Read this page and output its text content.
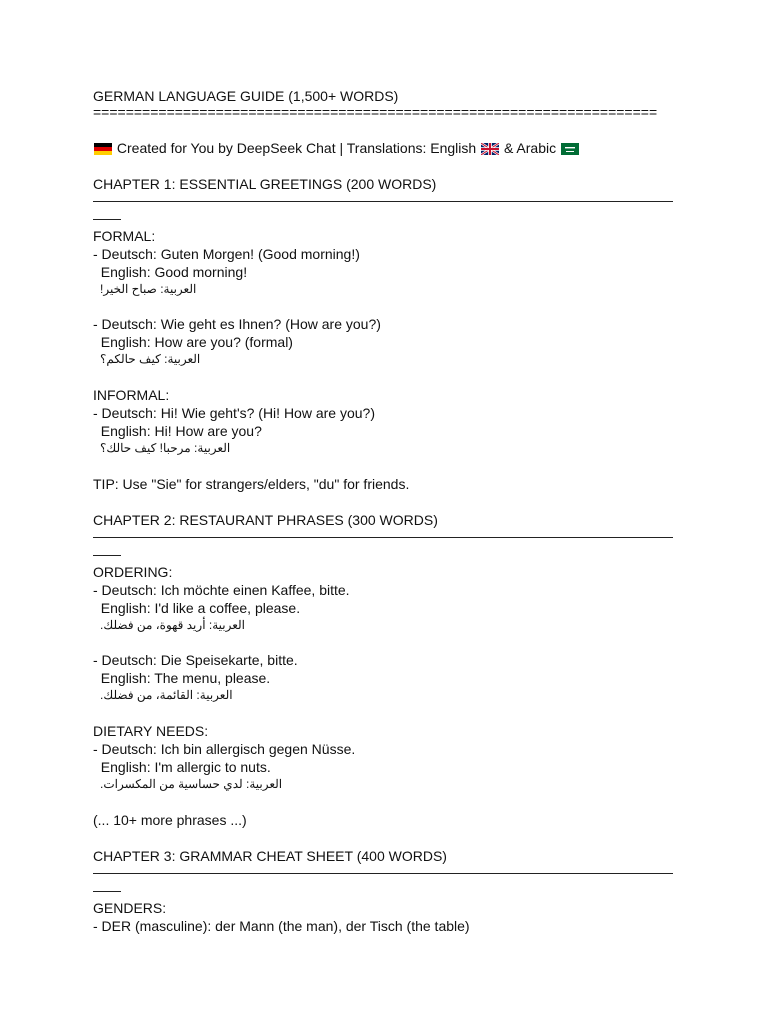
GERMAN LANGUAGE GUIDE (1,500+ WORDS)
=====================================================================
Created for You by DeepSeek Chat | Translations: English & Arabic
CHAPTER 1: ESSENTIAL GREETINGS (200 WORDS)
FORMAL:
- Deutsch: Guten Morgen! (Good morning!)
English: Good morning!
العربية: صباح الخير!
- Deutsch: Wie geht es Ihnen? (How are you?)
English: How are you? (formal)
العربية: كيف حالكم؟
INFORMAL:
- Deutsch: Hi! Wie geht's? (Hi! How are you?)
English: Hi! How are you?
العربية: مرحبا! كيف حالك؟
TIP: Use "Sie" for strangers/elders, "du" for friends.
CHAPTER 2: RESTAURANT PHRASES (300 WORDS)
ORDERING:
- Deutsch: Ich möchte einen Kaffee, bitte.
English: I'd like a coffee, please.
العربية: أريد قهوة، من فضلك.
- Deutsch: Die Speisekarte, bitte.
English: The menu, please.
العربية: القائمة، من فضلك.
DIETARY NEEDS:
- Deutsch: Ich bin allergisch gegen Nüsse.
English: I'm allergic to nuts.
العربية: لدي حساسية من المكسرات.
(... 10+ more phrases ...)
CHAPTER 3: GRAMMAR CHEAT SHEET (400 WORDS)
GENDERS:
- DER (masculine): der Mann (the man), der Tisch (the table)
